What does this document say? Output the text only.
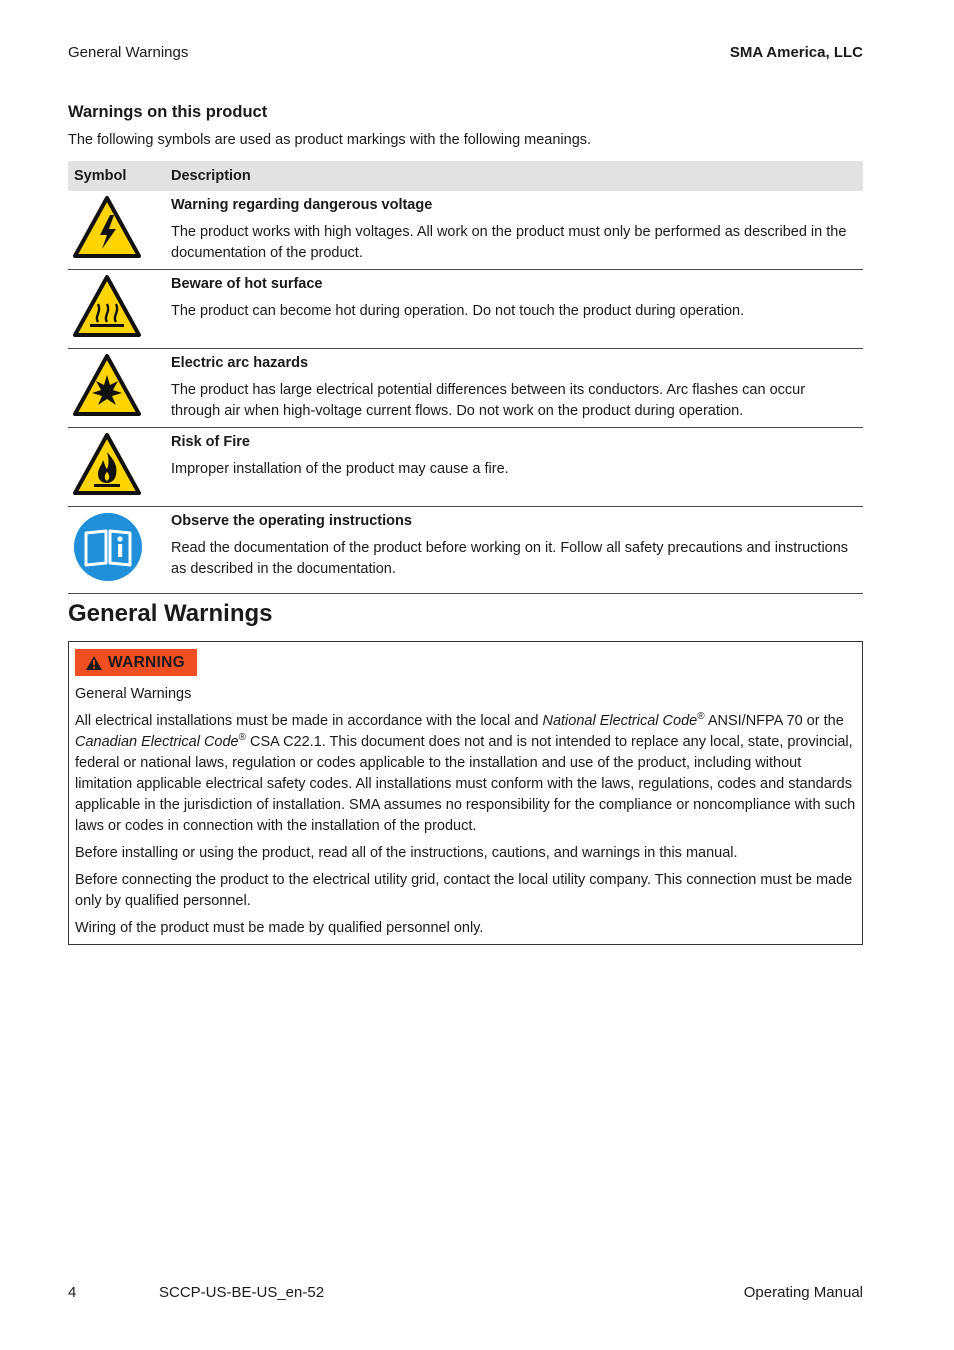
General Warnings	SMA America, LLC
Warnings on this product
The following symbols are used as product markings with the following meanings.
Symbol	Description

Warning regarding dangerous voltage
The product works with high voltages. All work on the product must only be performed as described in the documentation of the product.

Beware of hot surface
The product can become hot during operation. Do not touch the product during operation.

Electric arc hazards
The product has large electrical potential differences between its conductors. Arc flashes can occur through air when high-voltage current flows. Do not work on the product during operation.

Risk of Fire
Improper installation of the product may cause a fire.

Observe the operating instructions
Read the documentation of the product before working on it. Follow all safety precautions and instructions as described in the documentation.
General Warnings
WARNING
General Warnings
All electrical installations must be made in accordance with the local and National Electrical Code® ANSI/NFPA 70 or the Canadian Electrical Code® CSA C22.1. This document does not and is not intended to replace any local, state, provincial, federal or national laws, regulation or codes applicable to the installation and use of the product, including without limitation applicable electrical safety codes. All installations must conform with the laws, regulations, codes and standards applicable in the jurisdiction of installation. SMA assumes no responsibility for the compliance or noncompliance with such laws or codes in connection with the installation of the product.
Before installing or using the product, read all of the instructions, cautions, and warnings in this manual.
Before connecting the product to the electrical utility grid, contact the local utility company. This connection must be made only by qualified personnel.
Wiring of the product must be made by qualified personnel only.
4	SCCP-US-BE-US_en-52	Operating Manual
